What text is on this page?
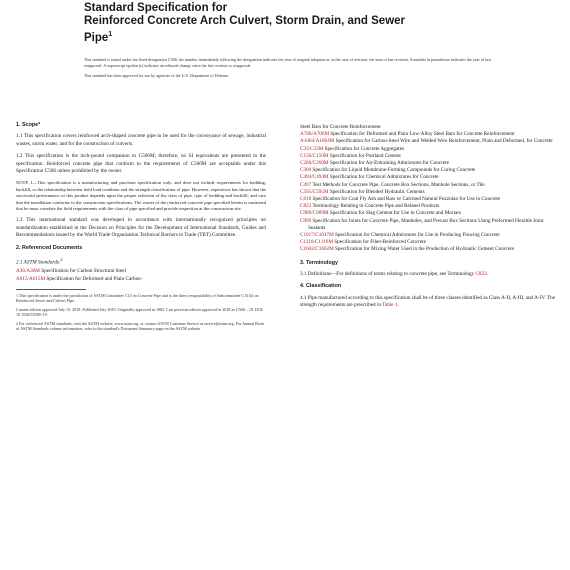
Standard Specification for
Reinforced Concrete Arch Culvert, Storm Drain, and Sewer
Pipe$^1$

This standard is issued under the fixed designation C506; the number immediately following the designation indicates the year of original adoption or, in the case of revision, the year of last revision. A number in parentheses indicates the year of last reapproval. A superscript epsilon (ε) indicates an editorial change since the last revision or reapproval.

This standard has been approved for use by agencies of the U.S. Department of Defense.

1. Scope*

1.1 This specification covers reinforced arch-shaped concrete pipe to be used for the conveyance of sewage, industrial wastes, storm water, and for the construction of culverts.

1.2 This specification is the inch-pound companion to C506M; therefore, no SI equivalents are presented in the specification. Reinforced concrete pipe that conform to the requirements of C506M are acceptable under this Specification C506 unless prohibited by the owner.

NOTE 1—This specification is a manufacturing and purchase specification only, and does not include requirements for bedding, backfill, or the relationship between field load condition and the strength classification of pipe. However, experience has shown that the successful performance of this product depends upon the proper selection of the class of pipe, type of bedding and backfill, and care that the installation conforms to the construction specifications. The owner of the reinforced concrete pipe specified herein is cautioned that he must correlate the field requirements with the class of pipe specified and provide inspection at the construction site.

1.3 This international standard was developed in accordance with internationally recognized principles on standardization established in the Decision on Principles for the Development of International Standards, Guides and Recommendations issued by the World Trade Organization Technical Barriers to Trade (TBT) Committee.

2. Referenced Documents

2.1 ASTM Standards:$^2$

A36/A36M Specification for Carbon Structural Steel

A615/A615M Specification for Deformed and Plain Carbon-

1 This specification is under the jurisdiction of ASTM Committee C13 on Concrete Pipe and is the direct responsibility of Subcommittee C13.02 on Reinforced Sewer and Culvert Pipe.

Current edition approved July 15, 2019. Published July 2019. Originally approved in 1963. Last previous edition approved in 2018 as C506 – 18. DOI: 10.1520/C0506-19.

2 For referenced ASTM standards, visit the ASTM website, www.astm.org, or contact ASTM Customer Service at service@astm.org. For Annual Book of ASTM Standards volume information, refer to the standard's Document Summary page on the ASTM website.

Steel Bars for Concrete Reinforcement

A706/A706M Specification for Deformed and Plain Low-Alloy Steel Bars for Concrete Reinforcement

A1064/A1064M Specification for Carbon-Steel Wire and Welded Wire Reinforcement, Plain and Deformed, for Concrete

C33/C33M Specification for Concrete Aggregates

C150/C150M Specification for Portland Cement

C260/C260M Specification for Air-Entraining Admixtures for Concrete

C309 Specification for Liquid Membrane-Forming Compounds for Curing Concrete

C494/C494M Specification for Chemical Admixtures for Concrete

C497 Test Methods for Concrete Pipe, Concrete Box Sections, Manhole Sections, or Tile

C595/C595M Specification for Blended Hydraulic Cements

C618 Specification for Coal Fly Ash and Raw or Calcined Natural Pozzolan for Use in Concrete

C822 Terminology Relating to Concrete Pipe and Related Products

C989/C989M Specification for Slag Cement for Use in Concrete and Mortars

C990 Specification for Joints for Concrete Pipe, Manholes, and Precast Box Sections Using Preformed Flexible Joint Sealants

C1017/C1017M Specification for Chemical Admixtures for Use in Producing Flowing Concrete

C1116/C1116M Specification for Fiber-Reinforced Concrete

C1602/C1602M Specification for Mixing Water Used in the Production of Hydraulic Cement Concrete

3. Terminology

3.1 Definitions—For definitions of terms relating to concrete pipe, see Terminology C822.

4. Classification

4.1 Pipe manufactured according to this specification shall be of three classes identified as Class A-II, A-III, and A-IV. The strength requirements are prescribed in Table 1.
